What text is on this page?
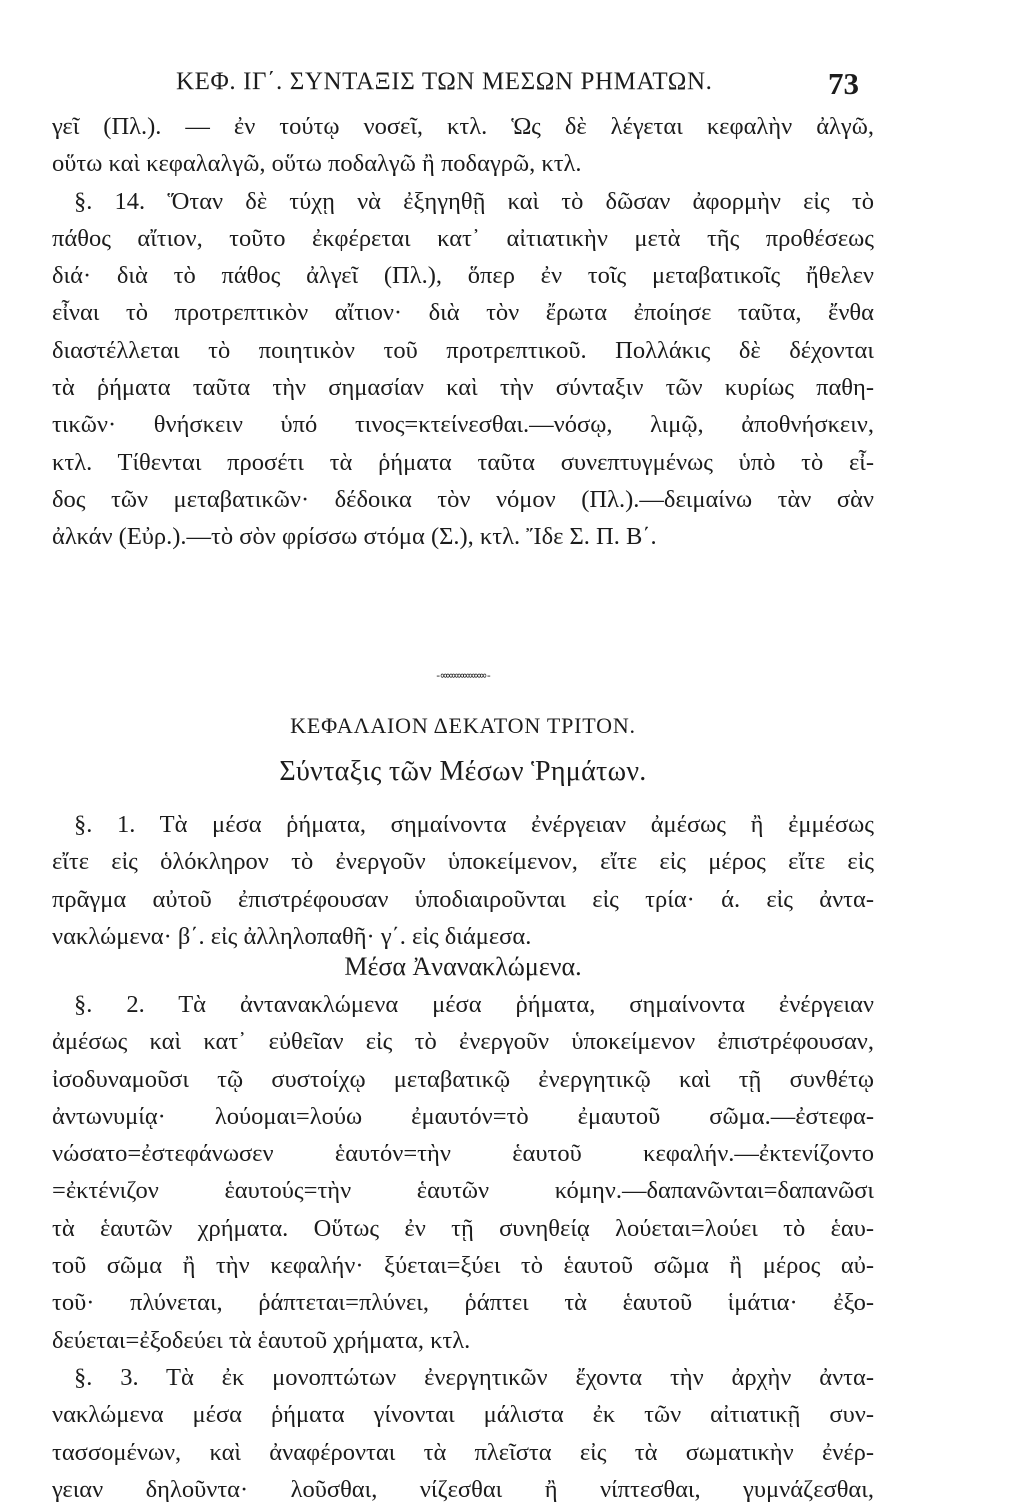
ΚΕΦ. ΙΓ΄. ΣΥΝΤΑΞΙΣ ΤΩΝ ΜΕΣΩΝ ΡΗΜΑΤΩΝ.	73
γεῖ (Πλ.). — ἐν τούτῳ νοσεῖ, κτλ. Ὡς δὲ λέγεται κεφαλὴν ἀλγῶ,
οὕτω καὶ κεφαλαλγῶ, οὕτω ποδαλγῶ ἢ ποδαγρῶ, κτλ.
§. 14. Ὅταν δὲ τύχῃ νὰ ἐξηγηθῇ καὶ τὸ δῶσαν ἀφορμὴν εἰς τὸ
πάθος αἴτιον, τοῦτο ἐκφέρεται κατ᾽ αἰτιατικὴν μετὰ τῆς προθέσεως
διά· διὰ τὸ πάθος ἀλγεῖ (Πλ.), ὅπερ ἐν τοῖς μεταβατικοῖς ἤθελεν
εἶναι τὸ προτρεπτικὸν αἴτιον· διὰ τὸν ἔρωτα ἐποίησε ταῦτα, ἔνθα
διαστέλλεται τὸ ποιητικὸν τοῦ προτρεπτικοῦ. Πολλάκις δὲ δέχονται
τὰ ῥήματα ταῦτα τὴν σημασίαν καὶ τὴν σύνταξιν τῶν κυρίως παθη-
τικῶν· θνήσκειν ὑπό τινος=κτείνεσθαι.—νόσῳ, λιμῷ, ἀποθνήσκειν,
κτλ. Τίθενται προσέτι τὰ ῥήματα ταῦτα συνεπτυγμένως ὑπὸ τὸ εἶ-
δος τῶν μεταβατικῶν· δέδοικα τὸν νόμον (Πλ.).—δειμαίνω τὰν σὰν
ἀλκάν (Εὐρ.).—τὸ σὸν φρίσσω στόμα (Σ.), κτλ. Ἴδε Σ. Π. Β΄.
-∞∞∞∞∞∞∞∞-
ΚΕΦΑΛΑΙΟΝ ΔΕΚΑΤΟΝ ΤΡΙΤΟΝ.
Σύνταξις τῶν Μέσων Ῥημάτων.
§. 1. Τὰ μέσα ῥήματα, σημαίνοντα ἐνέργειαν ἀμέσως ἢ ἐμμέσως
εἴτε εἰς ὁλόκληρον τὸ ἐνεργοῦν ὑποκείμενον, εἴτε εἰς μέρος εἴτε εἰς
πρᾶγμα αὐτοῦ ἐπιστρέφουσαν ὑποδιαιροῦνται εἰς τρία· ά. εἰς ἀντα-
νακλώμενα· β΄. εἰς ἀλληλοπαθῆ· γ΄. εἰς διάμεσα.
Μέσα Ἀνανακλώμενα.
§. 2. Τὰ ἀντανακλώμενα μέσα ῥήματα, σημαίνοντα ἐνέργειαν
ἀμέσως καὶ κατ᾽ εὐθεῖαν εἰς τὸ ἐνεργοῦν ὑποκείμενον ἐπιστρέφουσαν,
ἰσοδυναμοῦσι τῷ συστοίχῳ μεταβατικῷ ἐνεργητικῷ καὶ τῇ συνθέτῳ
ἀντωνυμίᾳ· λούομαι=λούω ἐμαυτόν=τὸ ἐμαυτοῦ σῶμα.—ἐστεφα-
νώσατο=ἐστεφάνωσεν ἑαυτόν=τὴν ἑαυτοῦ κεφαλήν.—ἐκτενίζοντο
=ἐκτένιζον ἑαυτούς=τὴν ἑαυτῶν κόμην.—δαπανῶνται=δαπανῶσι
τὰ ἑαυτῶν χρήματα. Οὕτως ἐν τῇ συνηθείᾳ λούεται=λούει τὸ ἑαυ-
τοῦ σῶμα ἢ τὴν κεφαλήν· ξύεται=ξύει τὸ ἑαυτοῦ σῶμα ἢ μέρος αὐ-
τοῦ· πλύνεται, ῥάπτεται=πλύνει, ῥάπτει τὰ ἑαυτοῦ ἱμάτια· ἐξο-
δεύεται=ἐξοδεύει τὰ ἑαυτοῦ χρήματα, κτλ.
§. 3. Τὰ ἐκ μονοπτώτων ἐνεργητικῶν ἔχοντα τὴν ἀρχὴν ἀντα-
νακλώμενα μέσα ῥήματα γίνονται μάλιστα ἐκ τῶν αἰτιατικῇ συν-
τασσομένων, καὶ ἀναφέρονται τὰ πλεῖστα εἰς τὰ σωματικὴν ἐνέρ-
γειαν δηλοῦντα· λοῦσθαι, νίζεσθαι ἢ νίπτεσθαι, γυμνάζεσθαι,
